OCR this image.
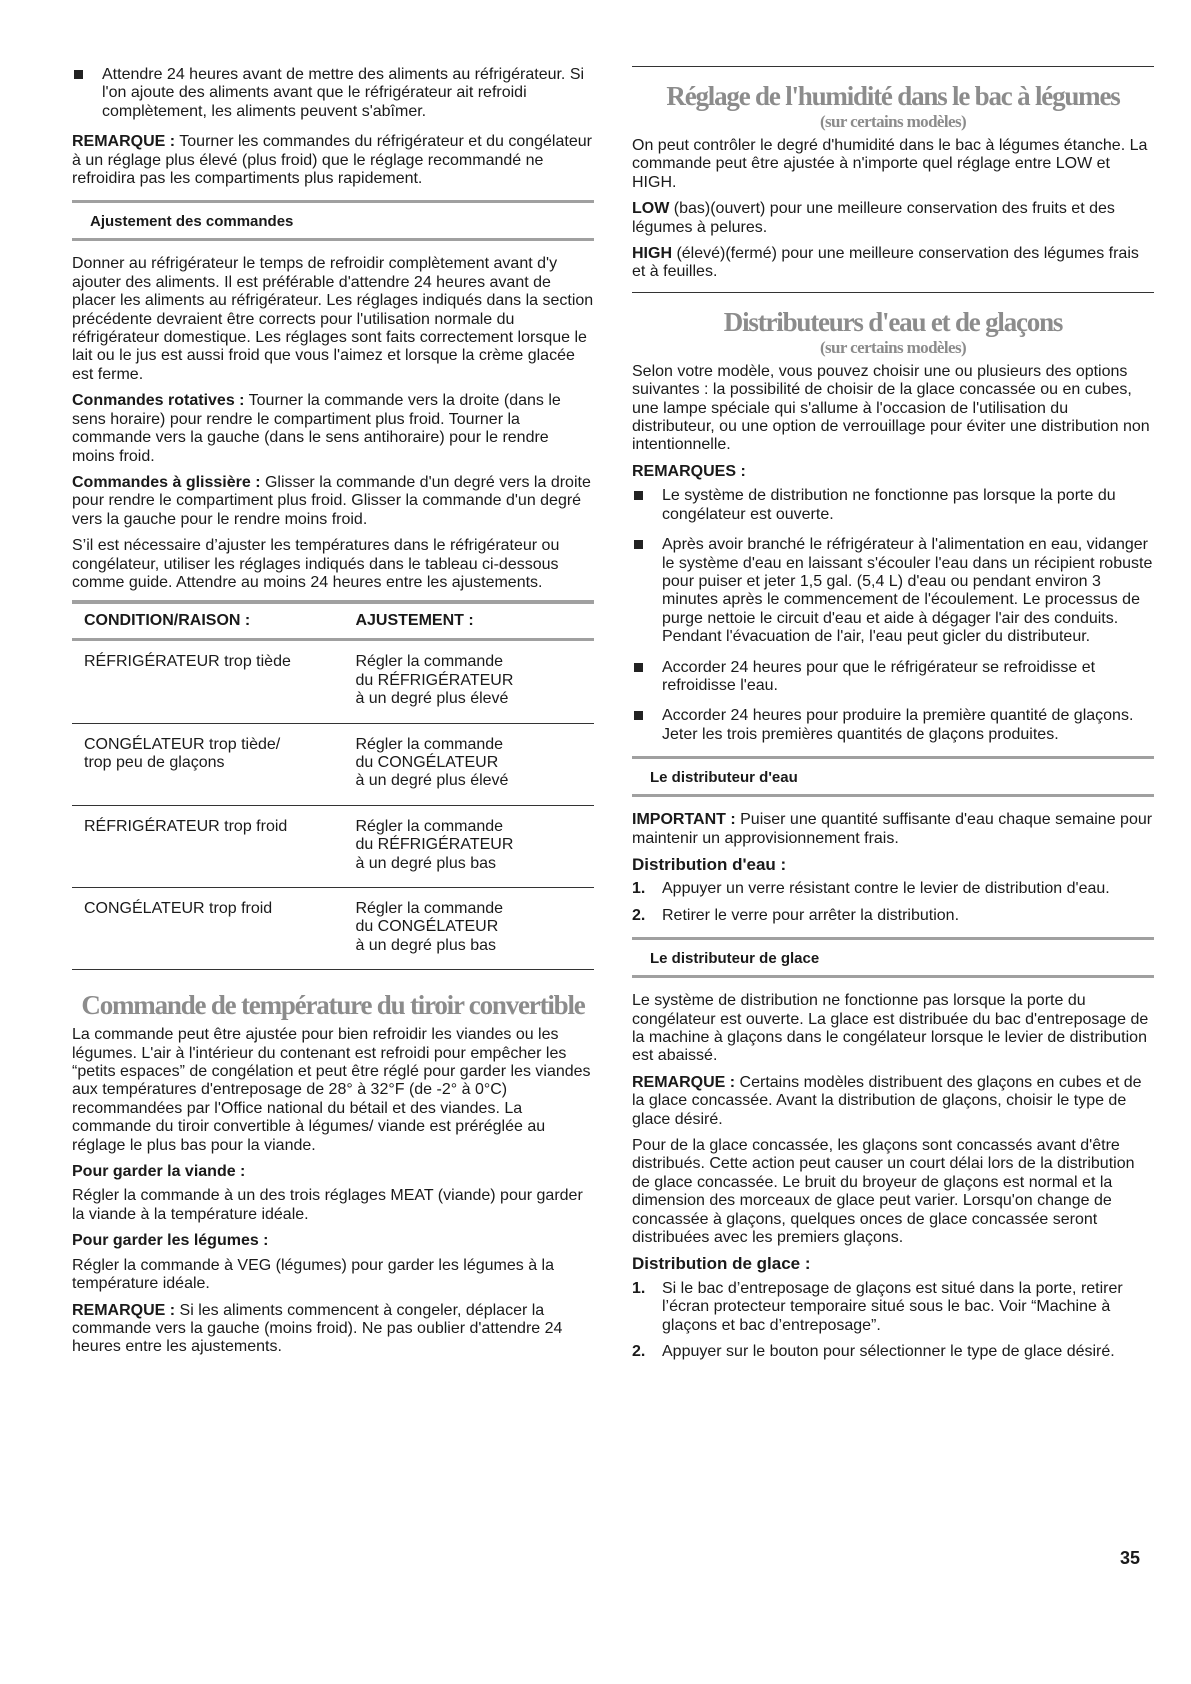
Attendre 24 heures avant de mettre des aliments au réfrigérateur. Si l'on ajoute des aliments avant que le réfrigérateur ait refroidi complètement, les aliments peuvent s'abîmer.

REMARQUE : Tourner les commandes du réfrigérateur et du congélateur à un réglage plus élevé (plus froid) que le réglage recommandé ne refroidira pas les compartiments plus rapidement.

Ajustement des commandes

Donner au réfrigérateur le temps de refroidir complètement avant d'y ajouter des aliments. Il est préférable d'attendre 24 heures avant de placer les aliments au réfrigérateur. Les réglages indiqués dans la section précédente devraient être corrects pour l'utilisation normale du réfrigérateur domestique. Les réglages sont faits correctement lorsque le lait ou le jus est aussi froid que vous l'aimez et lorsque la crème glacée est ferme.

Conmandes rotatives : Tourner la commande vers la droite (dans le sens horaire) pour rendre le compartiment plus froid. Tourner la commande vers la gauche (dans le sens antihoraire) pour le rendre moins froid.

Commandes à glissière : Glisser la commande d'un degré vers la droite pour rendre le compartiment plus froid. Glisser la commande d'un degré vers la gauche pour le rendre moins froid.

S’il est nécessaire d’ajuster les températures dans le réfrigérateur ou congélateur, utiliser les réglages indiqués dans le tableau ci-dessous comme guide. Attendre au moins 24 heures entre les ajustements.

CONDITION/RAISON :	AJUSTEMENT :
RÉFRIGÉRATEUR trop tiède	Régler la commande
du RÉFRIGÉRATEUR
à un degré plus élevé
CONGÉLATEUR trop tiède/
trop peu de glaçons	Régler la commande
du CONGÉLATEUR
à un degré plus élevé
RÉFRIGÉRATEUR trop froid	Régler la commande
du RÉFRIGÉRATEUR
à un degré plus bas
CONGÉLATEUR trop froid	Régler la commande
du CONGÉLATEUR
à un degré plus bas
Commande de température du tiroir convertible

La commande peut être ajustée pour bien refroidir les viandes ou les légumes. L'air à l'intérieur du contenant est refroidi pour empêcher les “petits espaces” de congélation et peut être réglé pour garder les viandes aux températures d'entreposage de 28° à 32°F (de -2° à 0°C) recommandées par l'Office national du bétail et des viandes. La commande du tiroir convertible à légumes/ viande est préréglée au réglage le plus bas pour la viande.

Pour garder la viande :

Régler la commande à un des trois réglages MEAT (viande) pour garder la viande à la température idéale.

Pour garder les légumes :

Régler la commande à VEG (légumes) pour garder les légumes à la température idéale.

REMARQUE : Si les aliments commencent à congeler, déplacer la commande vers la gauche (moins froid). Ne pas oublier d'attendre 24 heures entre les ajustements.

Réglage de l'humidité dans le bac à légumes
(sur certains modèles)

On peut contrôler le degré d'humidité dans le bac à légumes étanche. La commande peut être ajustée à n'importe quel réglage entre LOW et HIGH.

LOW (bas)(ouvert) pour une meilleure conservation des fruits et des légumes à pelures.

HIGH (élevé)(fermé) pour une meilleure conservation des légumes frais et à feuilles.

Distributeurs d'eau et de glaçons
(sur certains modèles)

Selon votre modèle, vous pouvez choisir une ou plusieurs des options suivantes : la possibilité de choisir de la glace concassée ou en cubes, une lampe spéciale qui s'allume à l'occasion de l'utilisation du distributeur, ou une option de verrouillage pour éviter une distribution non intentionnelle.

REMARQUES :

Le système de distribution ne fonctionne pas lorsque la porte du congélateur est ouverte.
Après avoir branché le réfrigérateur à l'alimentation en eau, vidanger le système d'eau en laissant s'écouler l'eau dans un récipient robuste pour puiser et jeter 1,5 gal. (5,4 L) d'eau ou pendant environ 3 minutes après le commencement de l'écoulement. Le processus de purge nettoie le circuit d'eau et aide à dégager l'air des conduits. Pendant l'évacuation de l'air, l'eau peut gicler du distributeur.
Accorder 24 heures pour que le réfrigérateur se refroidisse et refroidisse l'eau.
Accorder 24 heures pour produire la première quantité de glaçons. Jeter les trois premières quantités de glaçons produites.
Le distributeur d'eau

IMPORTANT : Puiser une quantité suffisante d'eau chaque semaine pour maintenir un approvisionnement frais.

Distribution d'eau :

1. Appuyer un verre résistant contre le levier de distribution d'eau.
2. Retirer le verre pour arrêter la distribution.
Le distributeur de glace

Le système de distribution ne fonctionne pas lorsque la porte du congélateur est ouverte. La glace est distribuée du bac d'entreposage de la machine à glaçons dans le congélateur lorsque le levier de distribution est abaissé.

REMARQUE : Certains modèles distribuent des glaçons en cubes et de la glace concassée. Avant la distribution de glaçons, choisir le type de glace désiré.

Pour de la glace concassée, les glaçons sont concassés avant d'être distribués. Cette action peut causer un court délai lors de la distribution de glace concassée. Le bruit du broyeur de glaçons est normal et la dimension des morceaux de glace peut varier. Lorsqu'on change de concassée à glaçons, quelques onces de glace concassée seront distribuées avec les premiers glaçons.

Distribution de glace :

1. Si le bac d’entreposage de glaçons est situé dans la porte, retirer l’écran protecteur temporaire situé sous le bac. Voir “Machine à glaçons et bac d’entreposage”.
2. Appuyer sur le bouton pour sélectionner le type de glace désiré.
35
